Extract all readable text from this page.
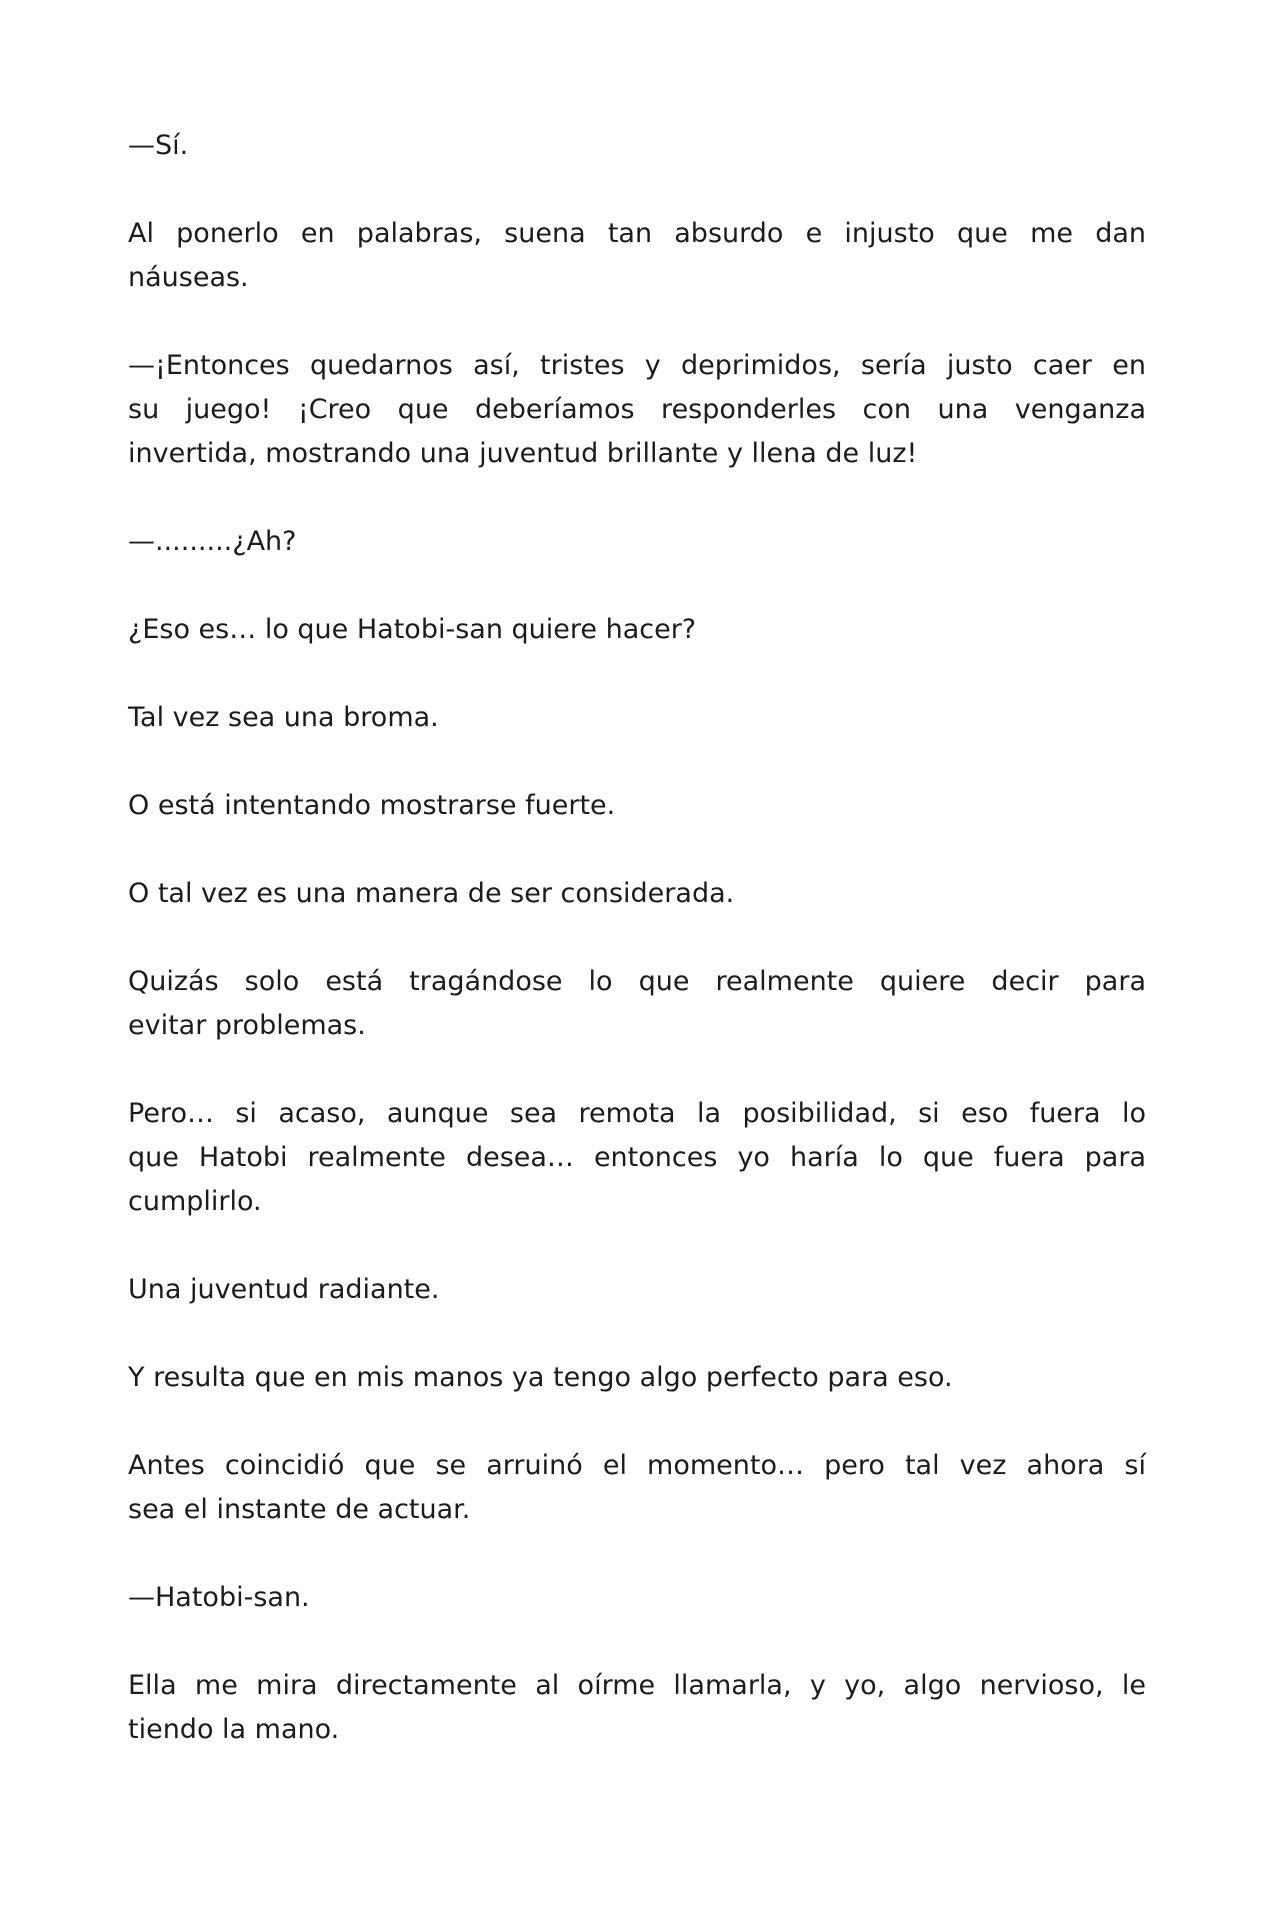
—Sí.

Al ponerlo en palabras, suena tan absurdo e injusto que me dan
náuseas.

—¡Entonces quedarnos así, tristes y deprimidos, sería justo caer en
su juego! ¡Creo que deberíamos responderles con una venganza
invertida, mostrando una juventud brillante y llena de luz!

—.........¿Ah?

¿Eso es… lo que Hatobi-san quiere hacer?

Tal vez sea una broma.

O está intentando mostrarse fuerte.

O tal vez es una manera de ser considerada.

Quizás solo está tragándose lo que realmente quiere decir para
evitar problemas.

Pero… si acaso, aunque sea remota la posibilidad, si eso fuera lo
que Hatobi realmente desea… entonces yo haría lo que fuera para
cumplirlo.

Una juventud radiante.

Y resulta que en mis manos ya tengo algo perfecto para eso.

Antes coincidió que se arruinó el momento… pero tal vez ahora sí
sea el instante de actuar.

—Hatobi-san.

Ella me mira directamente al oírme llamarla, y yo, algo nervioso, le
tiendo la mano.
